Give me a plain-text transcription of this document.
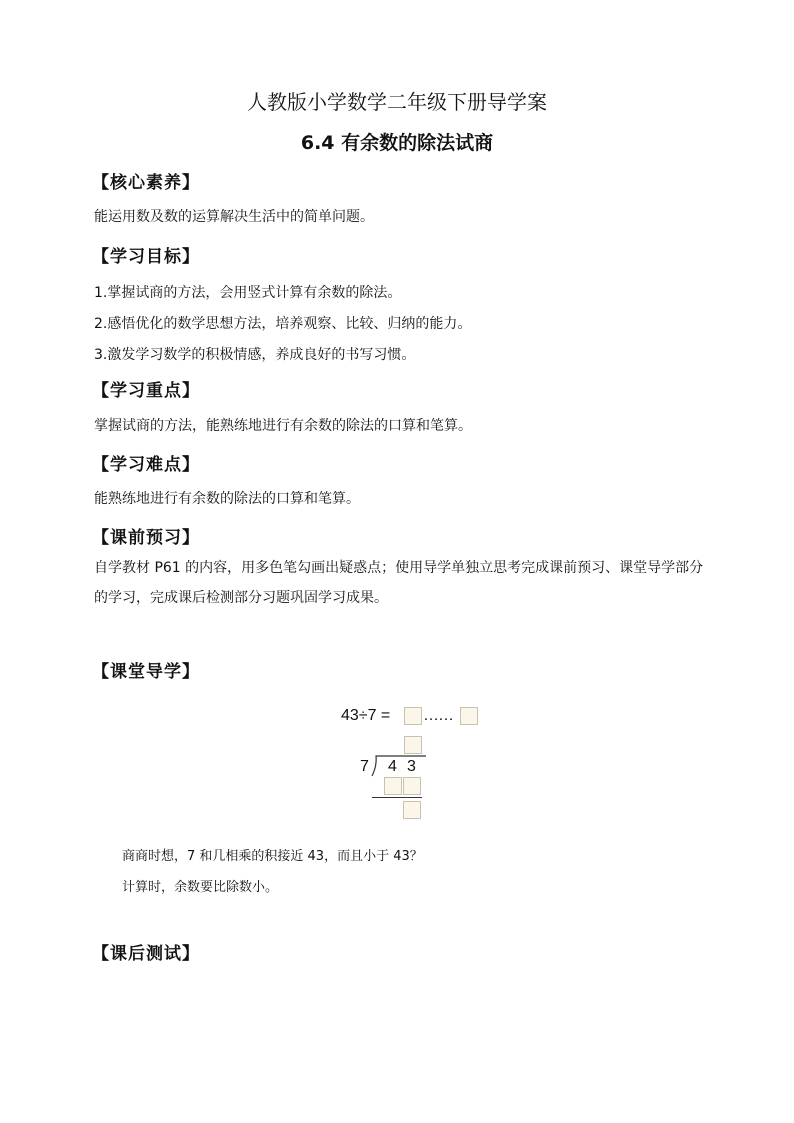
人教版小学数学二年级下册导学案
6.4 有余数的除法试商
【核心素养】
能运用数及数的运算解决生活中的简单问题。
【学习目标】
1.掌握试商的方法，会用竖式计算有余数的除法。
2.感悟优化的数学思想方法，培养观察、比较、归纳的能力。
3.激发学习数学的积极情感，养成良好的书写习惯。
【学习重点】
掌握试商的方法，能熟练地进行有余数的除法的口算和笔算。
【学习难点】
能熟练地进行有余数的除法的口算和笔算。
【课前预习】
自学教材 P61 的内容，用多色笔勾画出疑惑点；使用导学单独立思考完成课前预习、课堂导学部分的学习，完成课后检测部分习题巩固学习成果。
【课堂导学】
43÷7 = ……
7 4 3
商商时想，7 和几相乘的积接近 43，而且小于 43？
计算时，余数要比除数小。
【课后测试】
